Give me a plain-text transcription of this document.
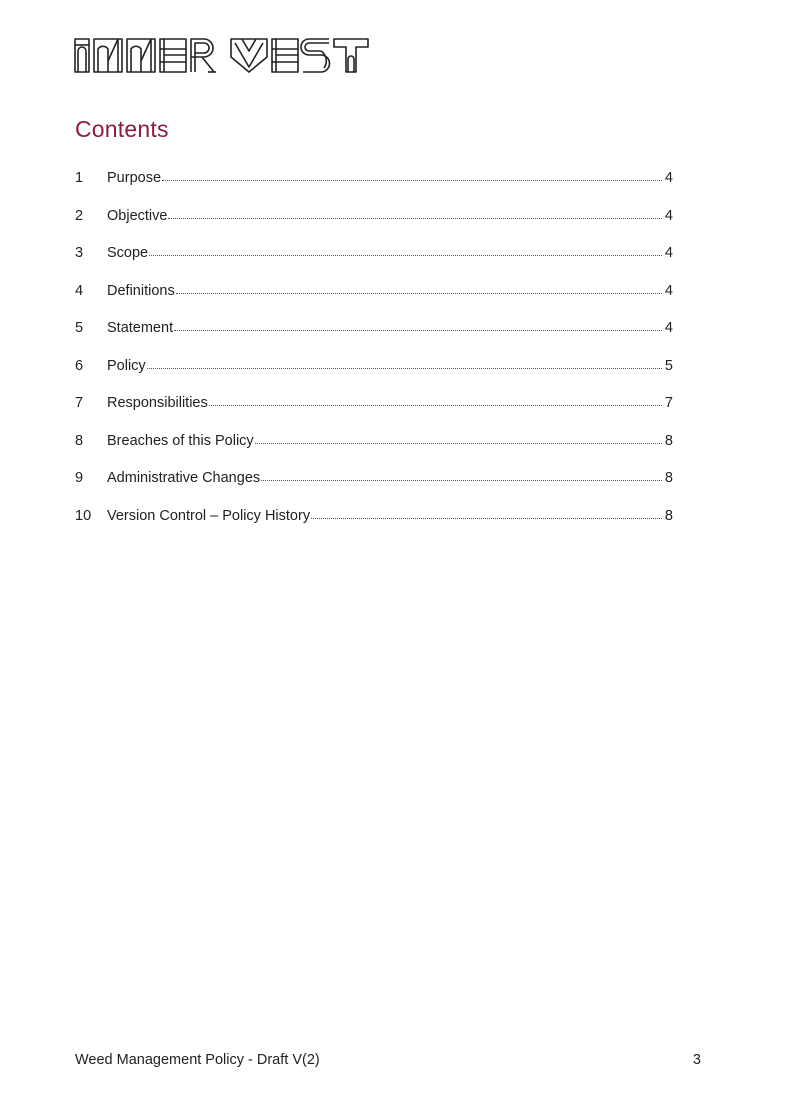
Contents
1	Purpose	4
2	Objective	4
3	Scope	4
4	Definitions	4
5	Statement	4
6	Policy	5
7	Responsibilities	7
8	Breaches of this Policy	8
9	Administrative Changes	8
10	Version Control – Policy History	8
Weed Management Policy - Draft V(2)	3
